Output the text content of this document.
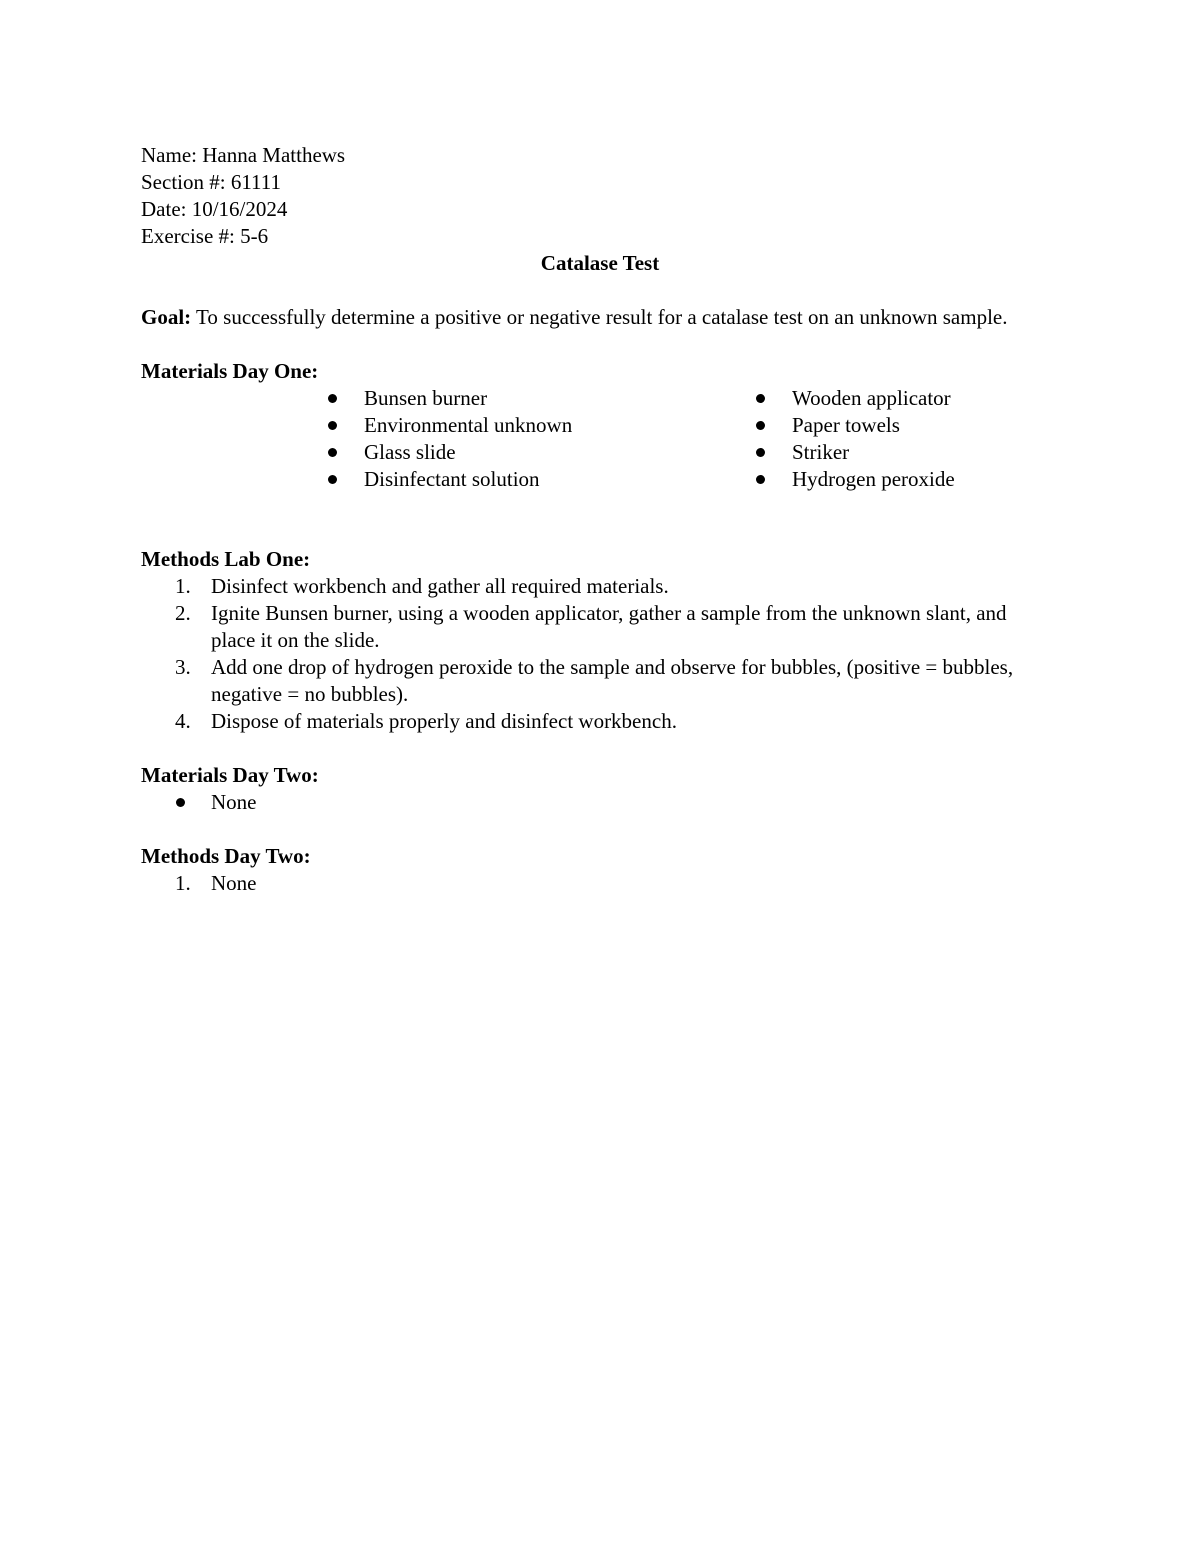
Name: Hanna Matthews
Section #: 61111
Date: 10/16/2024
Exercise #: 5-6
Catalase Test

Goal: To successfully determine a positive or negative result for a catalase test on an unknown sample.

Materials Day One:
Bunsen burner
Environmental unknown
Glass slide
Disinfectant solution
Wooden applicator
Paper towels
Striker
Hydrogen peroxide
Methods Lab One:
1. Disinfect workbench and gather all required materials.
2. Ignite Bunsen burner, using a wooden applicator, gather a sample from the unknown slant, and place it on the slide.
3. Add one drop of hydrogen peroxide to the sample and observe for bubbles, (positive = bubbles, negative = no bubbles).
4. Dispose of materials properly and disinfect workbench.
Materials Day Two:
None
Methods Day Two:
1. None
